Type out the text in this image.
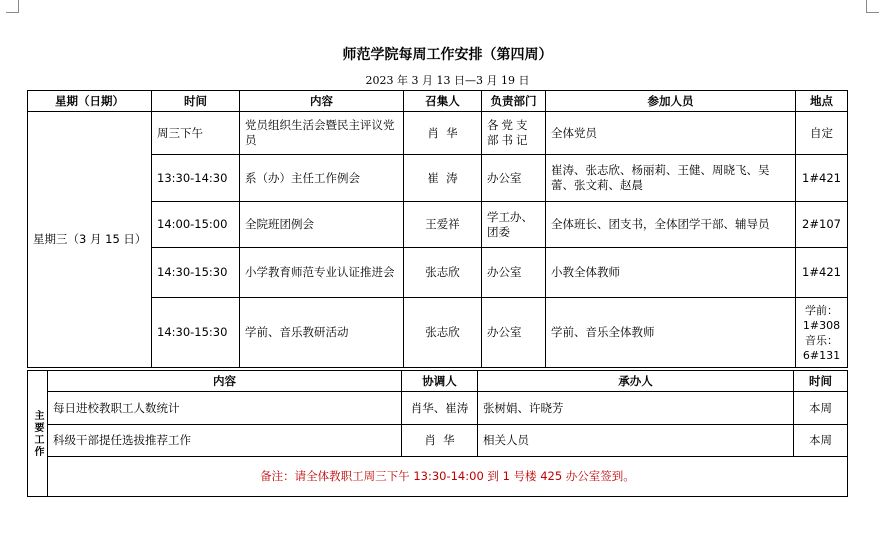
师范学院每周工作安排（第四周）
2023 年 3 月 13 日—3 月 19 日
星期（日期）	时间	内容	召集人	负责部门	参加人员	地点
星期三（3 月 15 日）	周三下午	党员组织生活会暨民主评议党员	肖  华	各党支部书记	全体党员	自定
	13:30-14:30	系（办）主任工作例会	崔  涛	办公室	崔涛、张志欣、杨丽莉、王健、周晓飞、吴蕾、张文莉、赵晨	1#421
	14:00-15:00	全院班团例会	王爱祥	学工办、团委	全体班长、团支书，全体团学干部、辅导员	2#107
	14:30-15:30	小学教育师范专业认证推进会	张志欣	办公室	小教全体教师	1#421
	14:30-15:30	学前、音乐教研活动	张志欣	办公室	学前、音乐全体教师	学前：1#308 音乐：6#131
主要工作	内容	协调人	承办人	时间
	每日进校教职工人数统计	肖华、崔涛	张树娟、许晓芳	本周
	科级干部提任选拔推荐工作	肖  华	相关人员	本周
	备注：请全体教职工周三下午 13:30-14:00 到 1 号楼 425 办公室签到。			
